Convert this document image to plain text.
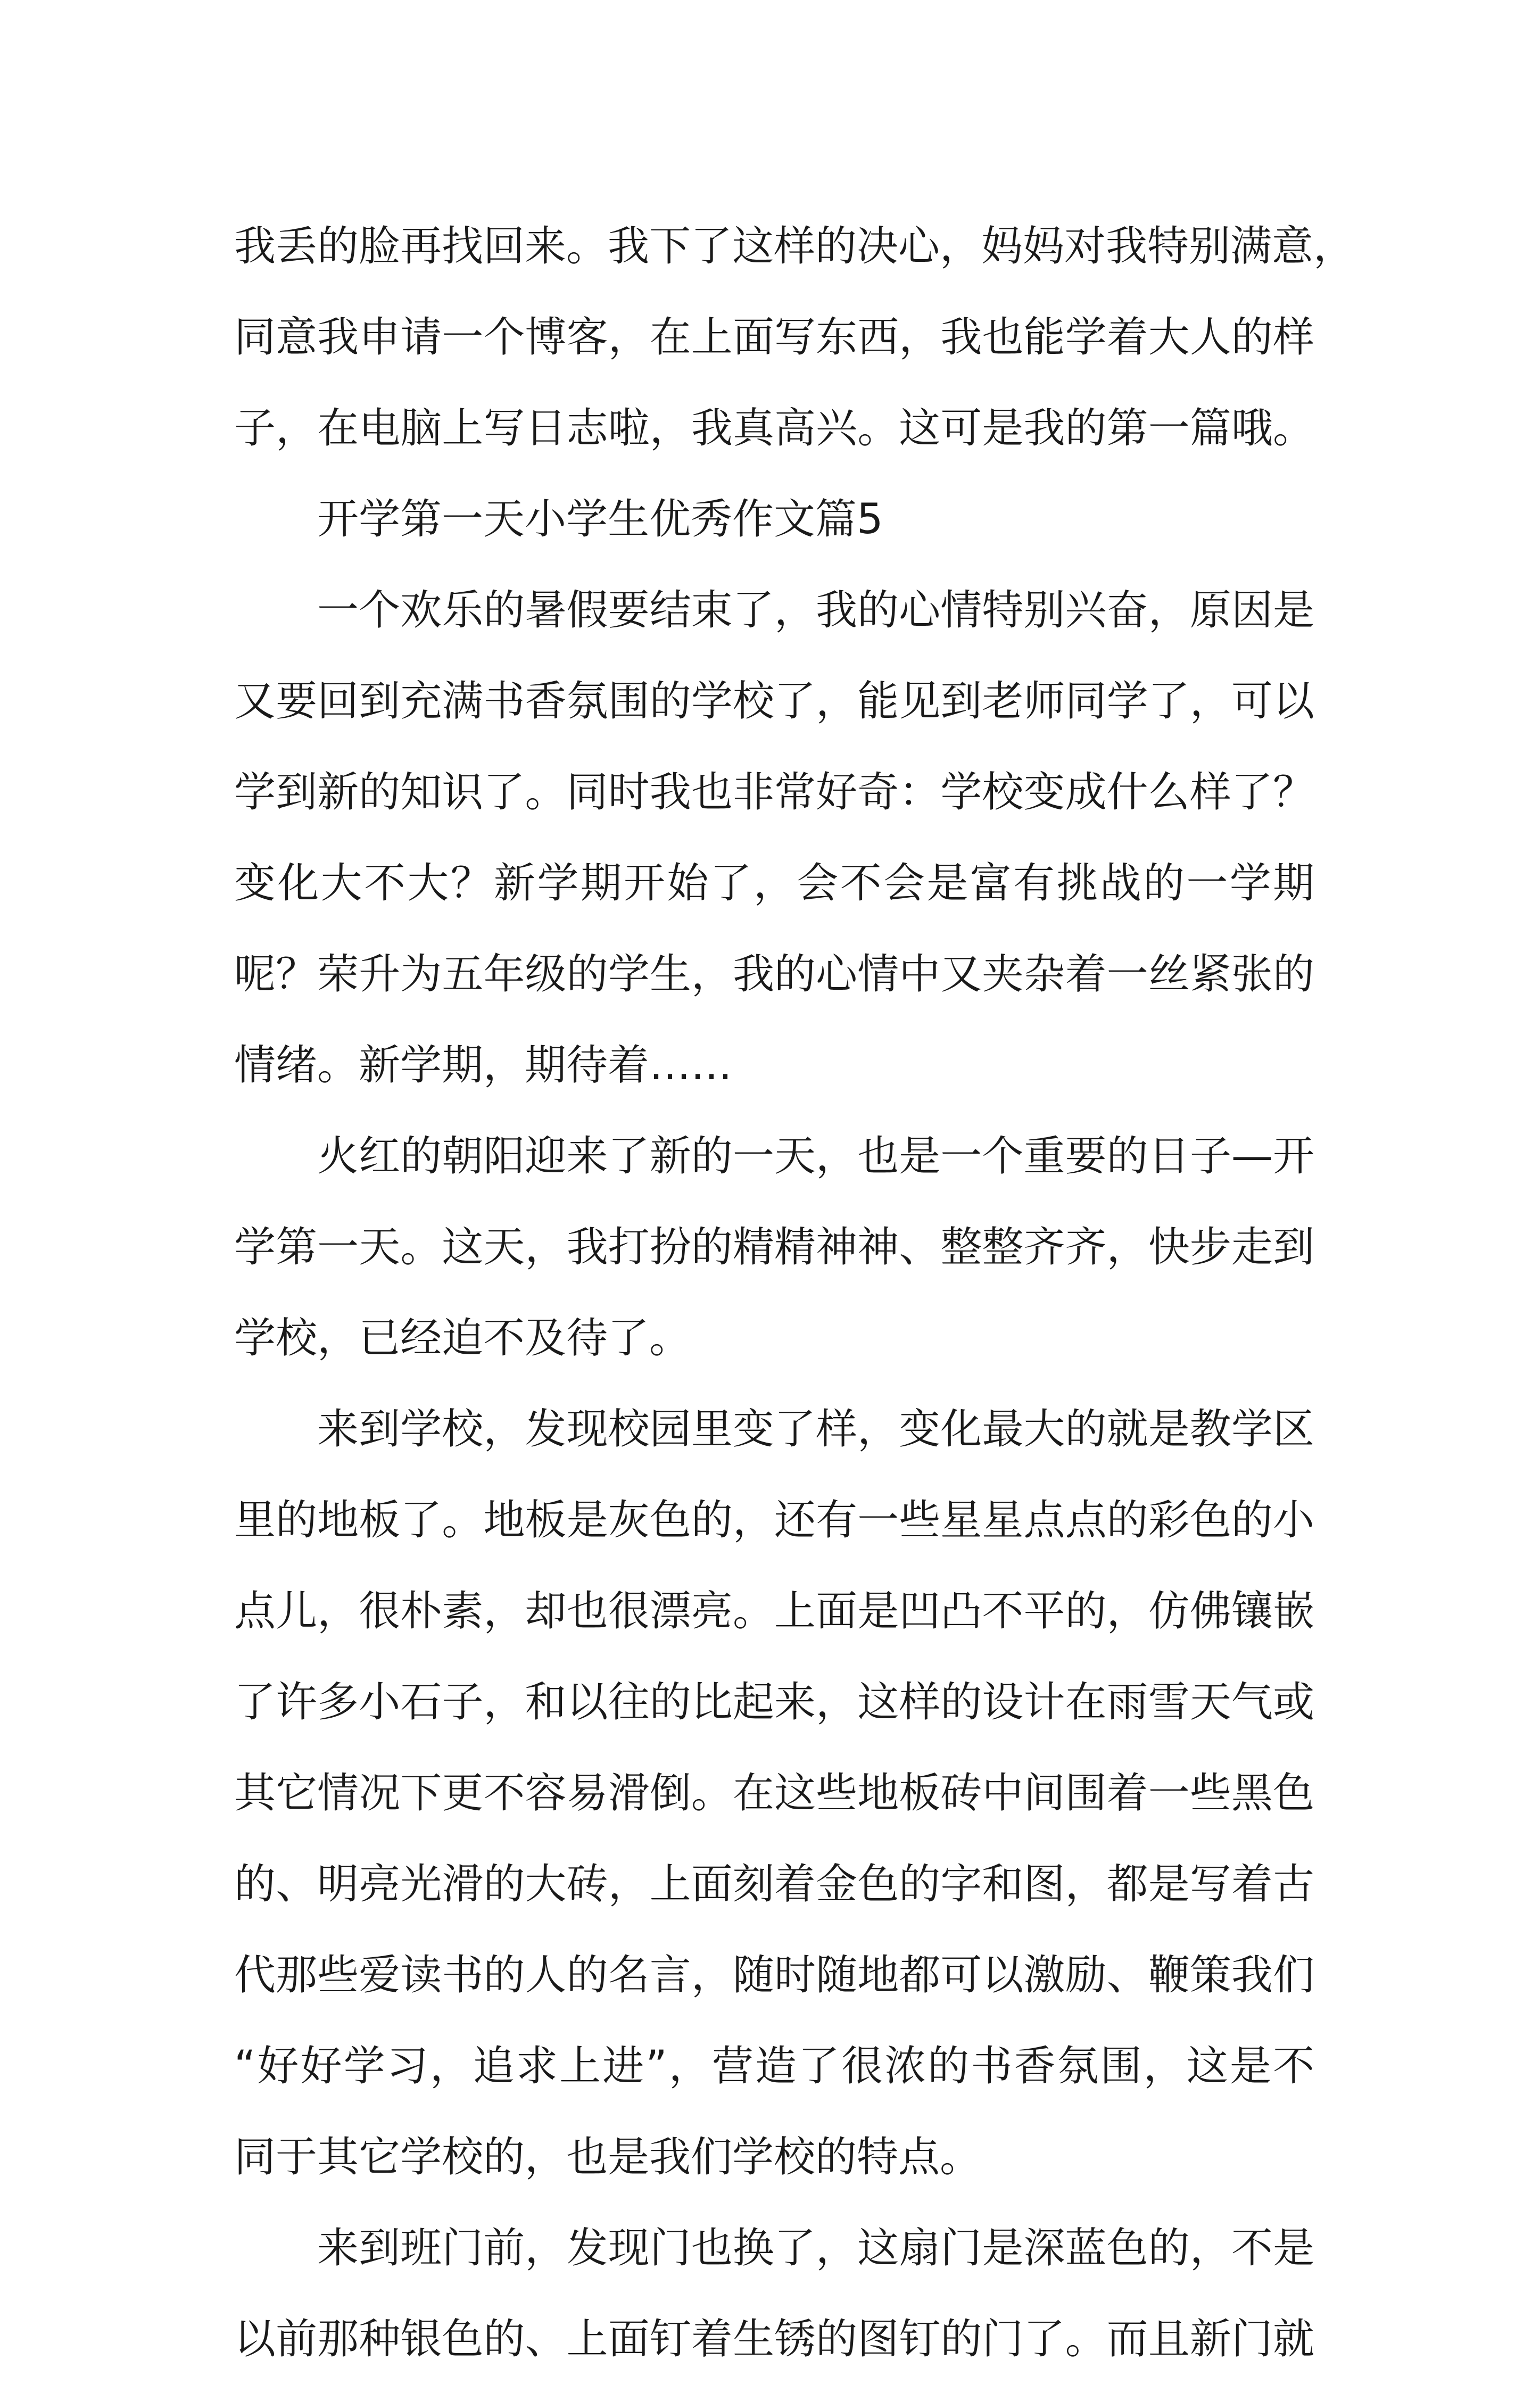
我丢的脸再找回来。我下了这样的决心，妈妈对我特别满意，
同意我申请一个博客，在上面写东西，我也能学着大人的样
子，在电脑上写日志啦，我真高兴。这可是我的第一篇哦。
开学第一天小学生优秀作文篇5
一个欢乐的暑假要结束了，我的心情特别兴奋，原因是
又要回到充满书香氛围的学校了，能见到老师同学了，可以
学到新的知识了。同时我也非常好奇：学校变成什么样了？
变化大不大？新学期开始了，会不会是富有挑战的一学期
呢？荣升为五年级的学生，我的心情中又夹杂着一丝紧张的
情绪。新学期，期待着……
火红的朝阳迎来了新的一天，也是一个重要的日子—开
学第一天。这天，我打扮的精精神神、整整齐齐，快步走到
学校，已经迫不及待了。
来到学校，发现校园里变了样，变化最大的就是教学区
里的地板了。地板是灰色的，还有一些星星点点的彩色的小
点儿，很朴素，却也很漂亮。上面是凹凸不平的，仿佛镶嵌
了许多小石子，和以往的比起来，这样的设计在雨雪天气或
其它情况下更不容易滑倒。在这些地板砖中间围着一些黑色
的、明亮光滑的大砖，上面刻着金色的字和图，都是写着古
代那些爱读书的人的名言，随时随地都可以激励、鞭策我们
“好好学习，追求上进”，营造了很浓的书香氛围，这是不
同于其它学校的，也是我们学校的特点。
来到班门前，发现门也换了，这扇门是深蓝色的，不是
以前那种银色的、上面钉着生锈的图钉的门了。而且新门就
